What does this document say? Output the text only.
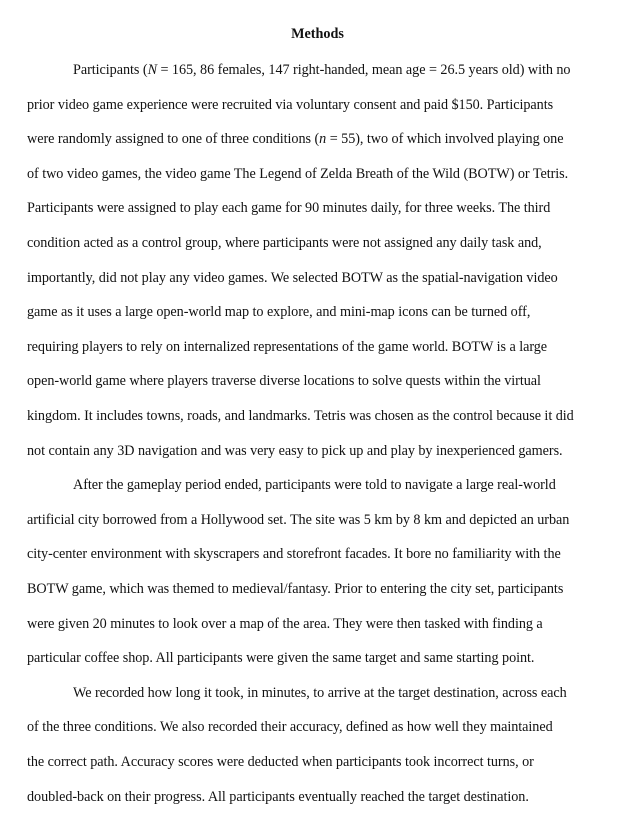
Methods
Participants (N = 165, 86 females, 147 right-handed, mean age = 26.5 years old) with no
prior video game experience were recruited via voluntary consent and paid $150. Participants
were randomly assigned to one of three conditions (n = 55), two of which involved playing one
of two video games, the video game The Legend of Zelda Breath of the Wild (BOTW) or Tetris.
Participants were assigned to play each game for 90 minutes daily, for three weeks. The third
condition acted as a control group, where participants were not assigned any daily task and,
importantly, did not play any video games. We selected BOTW as the spatial-navigation video
game as it uses a large open-world map to explore, and mini-map icons can be turned off,
requiring players to rely on internalized representations of the game world. BOTW is a large
open-world game where players traverse diverse locations to solve quests within the virtual
kingdom. It includes towns, roads, and landmarks. Tetris was chosen as the control because it did
not contain any 3D navigation and was very easy to pick up and play by inexperienced gamers.
After the gameplay period ended, participants were told to navigate a large real-world
artificial city borrowed from a Hollywood set. The site was 5 km by 8 km and depicted an urban
city-center environment with skyscrapers and storefront facades. It bore no familiarity with the
BOTW game, which was themed to medieval/fantasy. Prior to entering the city set, participants
were given 20 minutes to look over a map of the area. They were then tasked with finding a
particular coffee shop. All participants were given the same target and same starting point.
We recorded how long it took, in minutes, to arrive at the target destination, across each
of the three conditions. We also recorded their accuracy, defined as how well they maintained
the correct path. Accuracy scores were deducted when participants took incorrect turns, or
doubled-back on their progress. All participants eventually reached the target destination.
